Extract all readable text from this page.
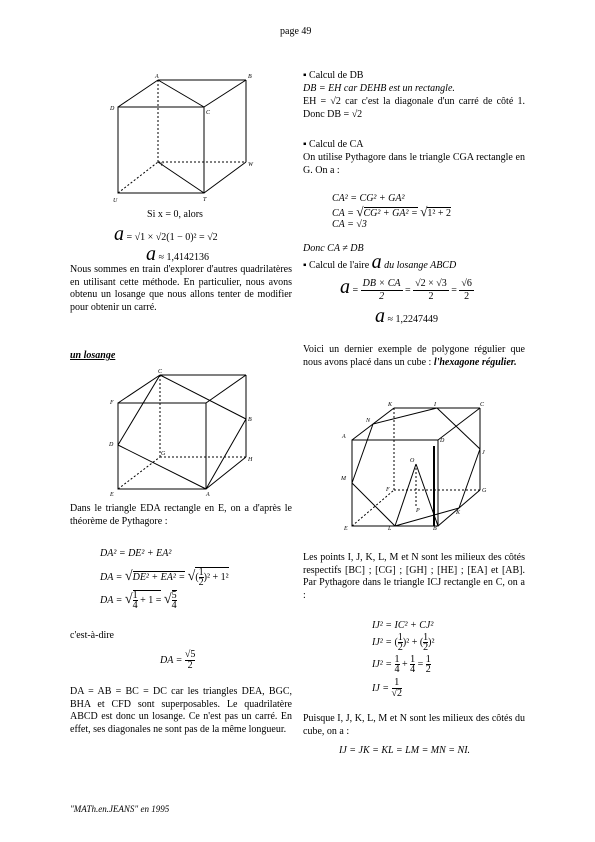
page 49
A	B
C
D
U	T
V	W
Si x = 0, alors
a = √1 × √2(1 − 0)² = √2
a ≈ 1,4142136
Nous sommes en train d'explorer d'autres quadrilatères en utilisant cette méthode. En particulier, nous avons obtenu un losange que nous allons tenter de modifier pour obtenir un carré.
un losange
C
F
B
D
G
H
E	A
Dans le triangle EDA rectangle en E, on a d'après le théorème de Pythagore :
DA² = DE² + EA²
DA = √DE² + EA² = √( $\frac{1}{2} )^2 + 1^2$
DA = √ $\frac{1}{4} + 1$ = √ $\frac{5}{4}$
c'est-à-dire
DA = $\frac{√5}{2}$
DA = AB = BC = DC car les triangles DEA, BGC, BHA et CFD sont superposables. Le quadrilatère ABCD est donc un losange. Ce n'est pas un carré. En effet, ses diagonales ne sont pas de la même longueur.
"MATh.en.JEANS" en 1995
▪ Calcul de DB
DB = EH car DEHB est un rectangle.
EH = √2 car c'est la diagonale d'un carré de côté 1. Donc DB = √2
▪ Calcul de CA
On utilise Pythagore dans le triangle CGA rectangle en G. On a :
CA² = CG² + GA²
CA = √CG² + GA² = √1² + 2
CA = √3
Donc CA ≠ DB
▪ Calcul de l'aire a du losange ABCD
$a = \frac{DB \times CA}{2} = \frac{√2 \times √3}{2} = \frac{√6}{2}$
a ≈ 1,2247449
Voici un dernier exemple de polygone régulier que nous avons placé dans un cube : l'hexagone régulier.
N
K	I	C
A
D
J
O
M
F	G
P	K
E	L	B
Les points I, J, K, L, M et N sont les milieux des côtés respectifs [BC] ; [CG] ; [GH] ; [HE] ; [EA] et [AB]. Par Pythagore dans le triangle ICJ rectangle en C, on a :
IJ² = IC² + CJ²
IJ² = ( $\frac{1}{2} )^2$ + ( $\frac{1}{2} )^2$
$IJ^2 = \frac{1}{4} + \frac{1}{4} = \frac{1}{2}$
IJ = $\frac{1}{√2}$
Puisque I, J, K, L, M et N sont les milieux des côtés du cube, on a :
IJ = JK = KL = LM = MN = NI.
